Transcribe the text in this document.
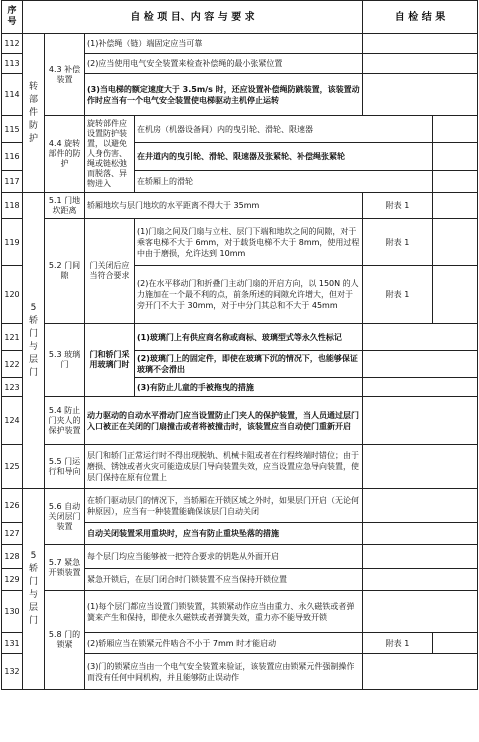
序号	自 检 项 目、内 容 与 要 求				自 检 结 果	
112	转部件防护	4.3 补偿装置	(1)补偿绳（链）端固定应当可靠			
113			(2)应当使用电气安全装置来检查补偿绳的最小张紧位置			
114			(3)当电梯的额定速度大于 3.5m/s 时，还应设置补偿绳防跳装置，该装置动作时应当有一个电气安全装置使电梯驱动主机停止运转			
115		4.4 旋转部件的防护	旋转部件应设置防护装置，以避免人身伤害、绳或链松弛而脱落、异物进入	在机房（机器设备间）内的曳引轮、滑轮、限速器		
116				在井道内的曳引轮、滑轮、限速器及张紧轮、补偿绳张紧轮		
117				在轿厢上的滑轮		
118	5 轿 门 与 层 门	5.1 门地坎距离	轿厢地坎与层门地坎的水平距离不得大于 35mm		附表 1	
119		5.2 门间隙	门关闭后应当符合要求	(1)门扇之间及门扇与立柱、层门下端和地坎之间的间隙，对于乘客电梯不大于 6mm，对于载货电梯不大于 8mm，使用过程中由于磨损，允许达到 10mm	附表 1	
120				(2)在水平移动门和折叠门主动门扇的开启方向，以 150N 的人力施加在一个最不利的点，前条所述的间隙允许增大，但对于旁开门不大于 30mm，对于中分门其总和不大于 45mm	附表 1	
121		5.3 玻璃门	门和轿门采用玻璃门时	(1)玻璃门上有供应商名称或商标、玻璃型式等永久性标记		
122				(2)玻璃门上的固定件，即使在玻璃下沉的情况下，也能够保证玻璃不会滑出		
123				(3)有防止儿童的手被拖曳的措施		
124		5.4 防止门夹人的保护装置	动力驱动的自动水平滑动门应当设置防止门夹人的保护装置，当人员通过层门入口被正在关闭的门扇撞击或者将被撞击时，该装置应当自动使门重新开启			
125		5.5 门运行和导向	层门和轿门正常运行时不得出现脱轨、机械卡阻或者在行程终端时错位；由于磨损、锈蚀或者火灾可能造成层门导向装置失效，应当设置应急导向装置，使层门保持在原有位置上			
126	5 轿 门 与 层 门	5.6 自动关闭层门装置	在轿门驱动层门的情况下，当轿厢在开锁区域之外时，如果层门开启（无论何种原因），应当有一种装置能确保该层门自动关闭			
127			自动关闭装置采用重块时，应当有防止重块坠落的措施			
128		5.7 紧急开锁装置	每个层门均应当能够被一把符合要求的钥匙从外面开启			
129			紧急开锁后，在层门闭合时门锁装置不应当保持开锁位置			
130		5.8 门的锁紧	(1)每个层门都应当设置门锁装置，其锁紧动作应当由重力、永久磁铁或者弹簧来产生和保持，即使永久磁铁或者弹簧失效，重力亦不能导致开锁			
131			(2)轿厢应当在锁紧元件啮合不小于 7mm 时才能启动		附表 1	
132			(3)门的锁紧应当由一个电气安全装置来验证，该装置应由锁紧元件强制操作而没有任何中间机构，并且能够防止误动作			
